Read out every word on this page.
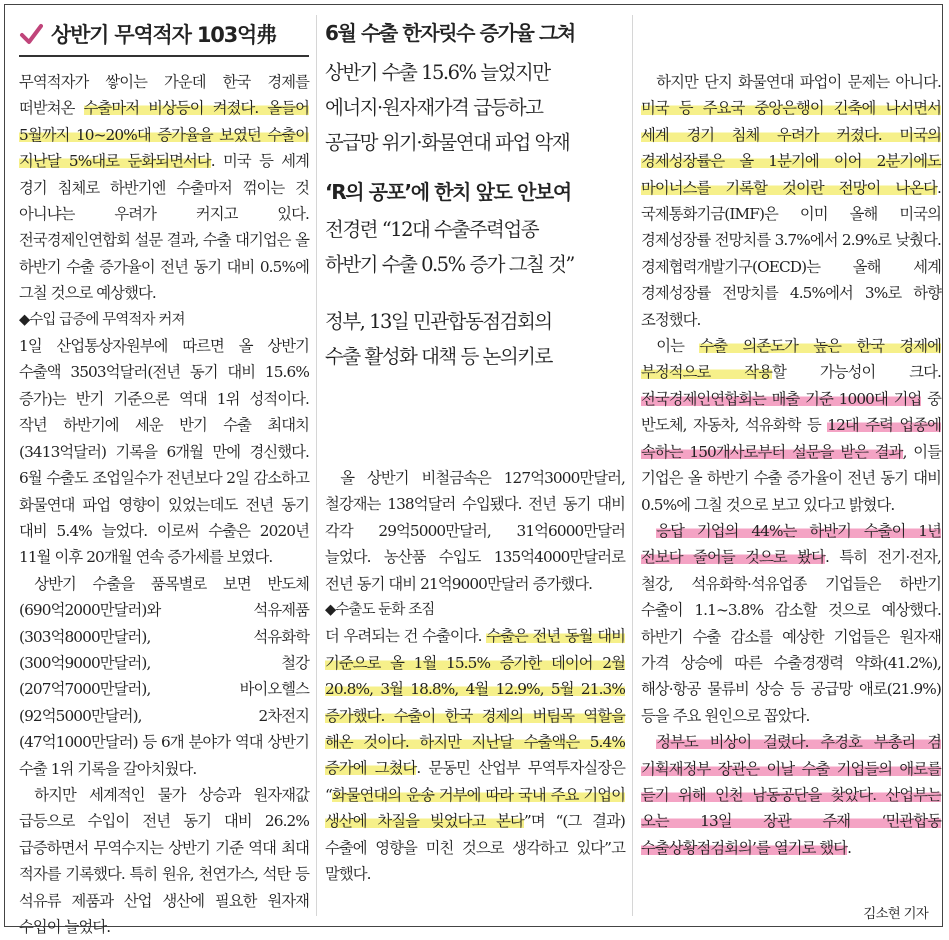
상반기 무역적자 103억弗

무역적자가 쌓이는 가운데 한국 경제를 떠받쳐온 수출마저 비상등이 켜졌다. 올들어 5월까지 10~20%대 증가율을 보였던 수출이 지난달 5%대로 둔화되면서다. 미국 등 세계 경기 침체로 하반기엔 수출마저 꺾이는 것 아니냐는 우려가 커지고 있다. 전국경제인연합회 설문 결과, 수출 대기업은 올 하반기 수출 증가율이 전년 동기 대비 0.5%에 그칠 것으로 예상했다.

◆수입 급증에 무역적자 커져

1일 산업통상자원부에 따르면 올 상반기 수출액 3503억달러(전년 동기 대비 15.6% 증가)는 반기 기준으론 역대 1위 성적이다. 작년 하반기에 세운 반기 수출 최대치(3413억달러) 기록을 6개월 만에 경신했다. 6월 수출도 조업일수가 전년보다 2일 감소하고 화물연대 파업 영향이 있었는데도 전년 동기 대비 5.4% 늘었다. 이로써 수출은 2020년 11월 이후 20개월 연속 증가세를 보였다.

상반기 수출을 품목별로 보면 반도체(690억2000만달러)와 석유제품(303억8000만달러), 석유화학(300억9000만달러), 철강(207억7000만달러), 바이오헬스(92억5000만달러), 2차전지(47억1000만달러) 등 6개 분야가 역대 상반기 수출 1위 기록을 갈아치웠다.

하지만 세계적인 물가 상승과 원자재값 급등으로 수입이 전년 동기 대비 26.2% 급증하면서 무역수지는 상반기 기준 역대 최대 적자를 기록했다. 특히 원유, 천연가스, 석탄 등 석유류 제품과 산업 생산에 필요한 원자재 수입이 늘었다.

6월 수출 한자릿수 증가율 그쳐

상반기 수출 15.6% 늘었지만

에너지·원자재가격 급등하고

공급망 위기·화물연대 파업 악재

‘R의 공포’에 한치 앞도 안보여

전경련 “12대 수출주력업종

하반기 수출 0.5% 증가 그칠 것”

정부, 13일 민관합동점검회의

수출 활성화 대책 등 논의키로

올 상반기 비철금속은 127억3000만달러, 철강재는 138억달러 수입됐다. 전년 동기 대비 각각 29억5000만달러, 31억6000만달러 늘었다. 농산품 수입도 135억4000만달러로 전년 동기 대비 21억9000만달러 증가했다.

◆수출도 둔화 조짐

더 우려되는 건 수출이다. 수출은 전년 동월 대비 기준으로 올 1월 15.5% 증가한 데이어 2월 20.8%, 3월 18.8%, 4월 12.9%, 5월 21.3% 증가했다. 수출이 한국 경제의 버팀목 역할을 해온 것이다. 하지만 지난달 수출액은 5.4% 증가에 그쳤다. 문동민 산업부 무역투자실장은 “화물연대의 운송 거부에 따라 국내 주요 기업이 생산에 차질을 빚었다고 본다”며 “(그 결과) 수출에 영향을 미친 것으로 생각하고 있다”고 말했다.

하지만 단지 화물연대 파업이 문제는 아니다. 미국 등 주요국 중앙은행이 긴축에 나서면서 세계 경기 침체 우려가 커졌다. 미국의 경제성장률은 올 1분기에 이어 2분기에도 마이너스를 기록할 것이란 전망이 나온다. 국제통화기금(IMF)은 이미 올해 미국의 경제성장률 전망치를 3.7%에서 2.9%로 낮췄다. 경제협력개발기구(OECD)는 올해 세계 경제성장률 전망치를 4.5%에서 3%로 하향 조정했다.

이는 수출 의존도가 높은 한국 경제에 부정적으로 작용할 가능성이 크다. 전국경제인연합회는 매출 기준 1000대 기업 중 반도체, 자동차, 석유화학 등 12대 주력 업종에 속하는 150개사로부터 설문을 받은 결과, 이들 기업은 올 하반기 수출 증가율이 전년 동기 대비 0.5%에 그칠 것으로 보고 있다고 밝혔다.

응답 기업의 44%는 하반기 수출이 1년 전보다 줄어들 것으로 봤다. 특히 전기·전자, 철강, 석유화학·석유업종 기업들은 하반기 수출이 1.1~3.8% 감소할 것으로 예상했다. 하반기 수출 감소를 예상한 기업들은 원자재 가격 상승에 따른 수출경쟁력 약화(41.2%), 해상·항공 물류비 상승 등 공급망 애로(21.9%) 등을 주요 원인으로 꼽았다.

정부도 비상이 걸렸다. 추경호 부총리 겸 기획재정부 장관은 이날 수출 기업들의 애로를 듣기 위해 인천 남동공단을 찾았다. 산업부는 오는 13일 장관 주재 ‘민관합동 수출상황점검회의’를 열기로 했다.

김소현 기자
